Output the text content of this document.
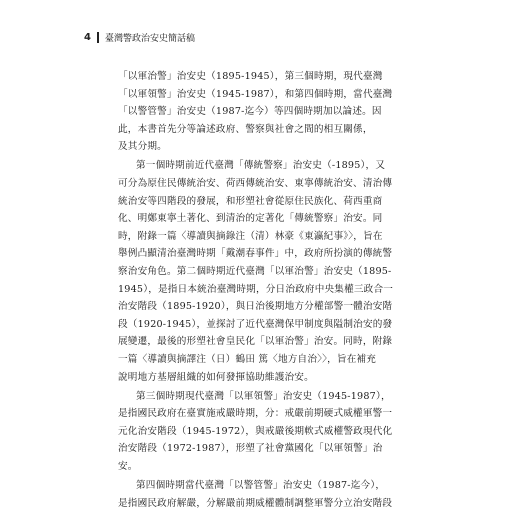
4 臺灣警政治安史簡話稿

「以軍治警」治安史（1895-1945），第三個時期，現代臺灣
「以軍領警」治安史（1945-1987），和第四個時期，當代臺灣
「以警管警」治安史（1987-迄今）等四個時期加以論述。因
此，本書首先分等論述政府、警察與社會之間的相互關係，
及其分期。

第一個時期前近代臺灣「傳統警察」治安史（-1895），又
可分為原住民傳統治安、荷西傳統治安、東寧傳統治安、清治傳
統治安等四階段的發展，和形塑社會從原住民族化、荷西重商
化、明鄭東寧土著化、到清治的定著化「傳統警察」治安。同
時，附錄一篇〈導讀與摘錄注（清）林豪《東瀛紀事》〉，旨在
舉例凸顯清治臺灣時期「戴潮春事件」中，政府所扮演的傳統警
察治安角色。第二個時期近代臺灣「以軍治警」治安史（1895-
1945），是指日本統治臺灣時期，分日治政府中央集權三政合一
治安階段（1895-1920），與日治後期地方分權部警一體治安階
段（1920-1945），並探討了近代臺灣保甲制度與隘制治安的發
展變遷，最後的形塑社會皇民化「以軍治警」治安。同時，附錄
一篇〈導讀與摘譯注（日）鶴田 篤〈地方自治〉〉，旨在補充
說明地方基層組織的如何發揮協助維護治安。

第三個時期現代臺灣「以軍領警」治安史（1945-1987），
是指國民政府在臺實施戒嚴時期，分：戒嚴前期硬式威權軍警一
元化治安階段（1945-1972），與戒嚴後期軟式威權警政現代化
治安階段（1972-1987），形塑了社會黨國化「以軍領警」治
安。

第四個時期當代臺灣「以警管警」治安史（1987-迄今），
是指國民政府解嚴，分解嚴前期威權體制調整軍警分立治安階段
